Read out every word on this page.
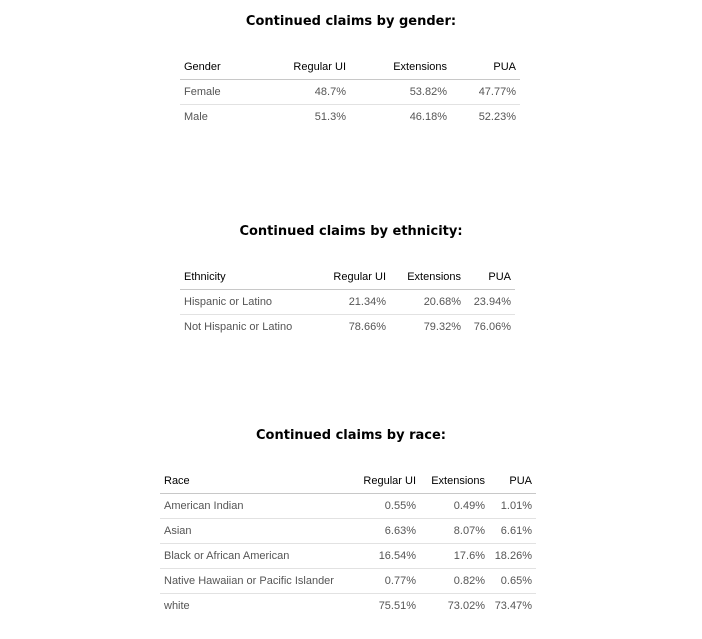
Continued claims by gender:
Gender	Regular UI	Extensions	PUA
Female	48.7%	53.82%	47.77%
Male	51.3%	46.18%	52.23%
Continued claims by ethnicity:
Ethnicity	Regular UI	Extensions	PUA
Hispanic or Latino	21.34%	20.68%	23.94%
Not Hispanic or Latino	78.66%	79.32%	76.06%
Continued claims by race:
Race	Regular UI	Extensions	PUA
American Indian	0.55%	0.49%	1.01%
Asian	6.63%	8.07%	6.61%
Black or African American	16.54%	17.6%	18.26%
Native Hawaiian or Pacific Islander	0.77%	0.82%	0.65%
white	75.51%	73.02%	73.47%
